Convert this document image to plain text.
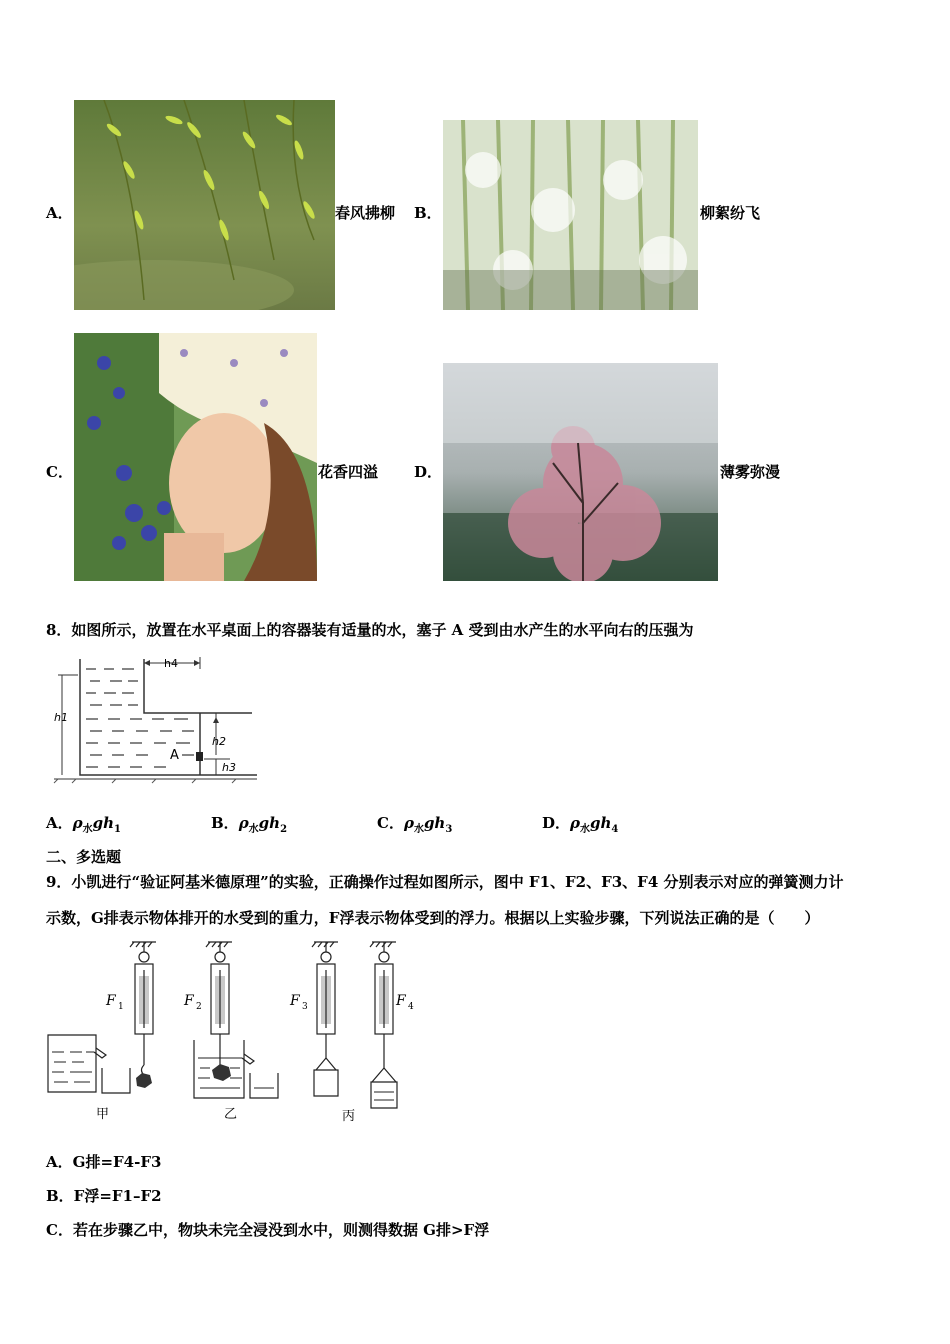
A．	春风拂柳 B．	柳絮纷飞
C．	花香四溢 D．	薄雾弥漫
8．如图所示，放置在水平桌面上的容器装有适量的水，塞子 A 受到由水产生的水平向右的压强为
A
h1
h4
h2
h3
A．$\rho_水gh_1$	B．$\rho_水gh_2$	C．$\rho_水gh_3$	D．$\rho_水gh_4$
二、多选题
9．小凯进行“验证阿基米德原理”的实验，正确操作过程如图所示，图中 F1、F2、F3、F4 分别表示对应的弹簧测力计
示数，G排表示物体排开的水受到的重力，F浮表示物体受到的浮力。根据以上实验步骤，下列说法正确的是（　　）
F 1
甲
F 2
乙
F 3	F 4
丙
A．G排=F4-F3
B．F浮=F1–F2
C．若在步骤乙中，物块未完全浸没到水中，则测得数据 G排>F浮
